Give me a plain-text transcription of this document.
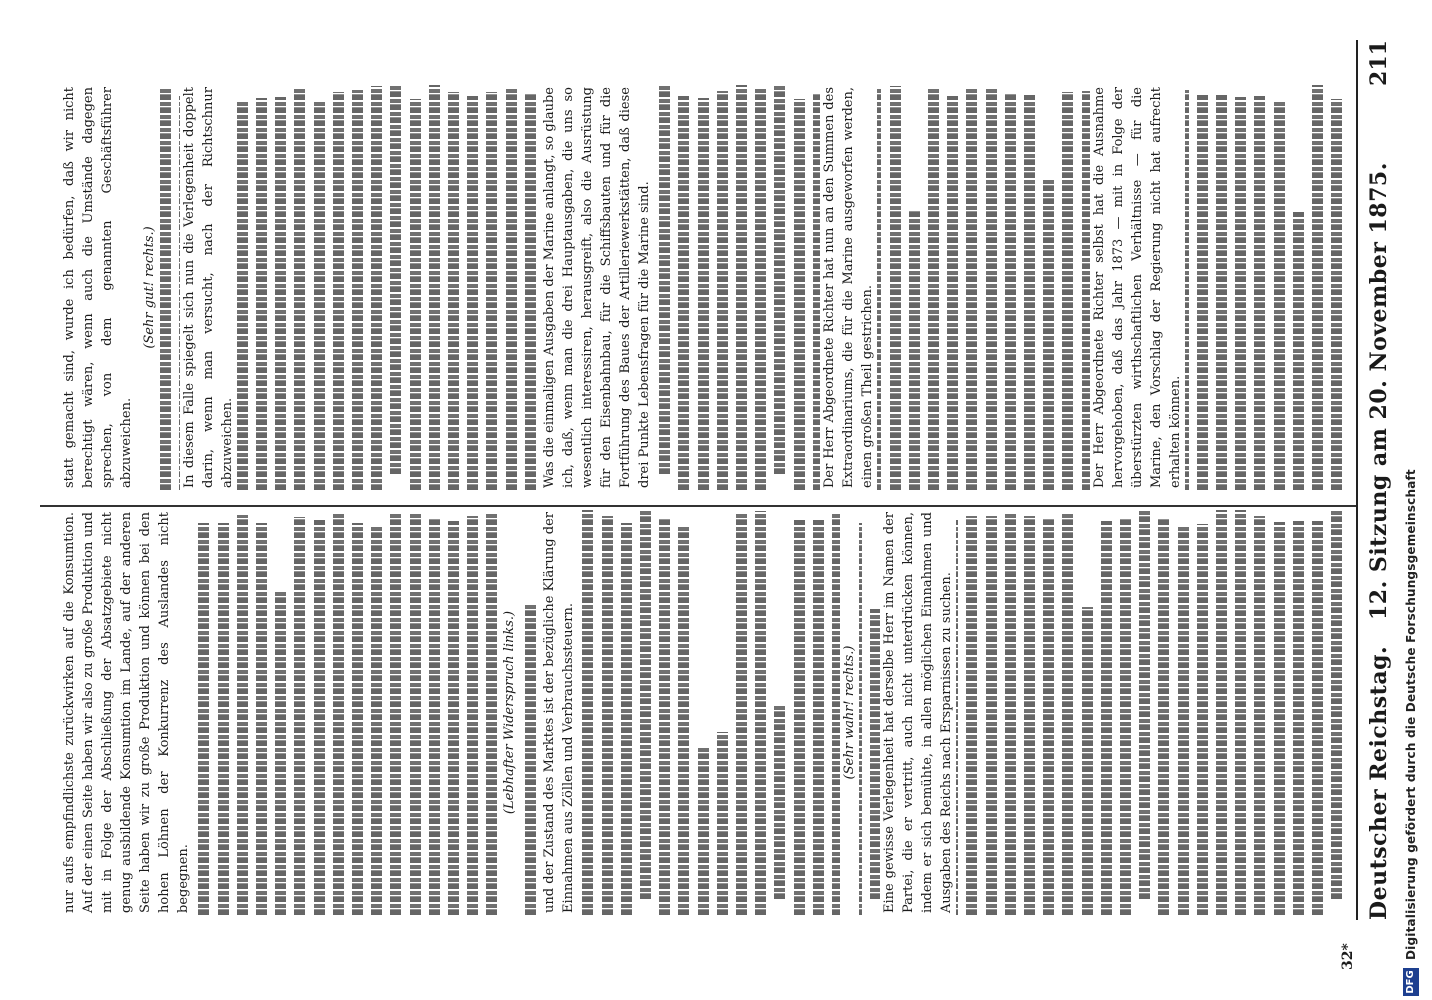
Deutscher Reichstag.
12. Sitzung am 20. November 1875.
211

nur aufs empfindlichste zurückwirken auf die Konsumtion. Auf der einen Seite haben wir also zu große Produktion und mit in Folge der Abschließung der Absatzgebiete nicht genug ausbildende Konsumtion im Lande, auf der anderen Seite haben wir zu große Produktion und können bei den hohen Löhnen der Konkurrenz des Auslandes nicht begegnen.

(Lebhafter Widerspruch links.) und der Zustand des Marktes ist der bezügliche Klärung der Einnahmen aus Zöllen und Verbrauchssteuern.	(Sehr wahr! rechts.) Eine gewisse Verlegenheit hat derselbe Herr im Namen der Partei, die er vertritt, auch nicht unterdrücken können, indem er sich bemühte, in allen möglichen Einnahmen und Ausgaben des Reichs nach Ersparnissen zu suchen.

statt gemacht sind, wurde ich bedürfen, daß wir nicht berechtigt wären, wenn auch die Umstände dagegen sprechen, von dem genannten Geschäftsführer abzuweichen.

(Sehr gut! rechts.) In diesem Falle spiegelt sich nun die Verlegenheit doppelt darin, wenn man versucht, nach der Richtschnur abzuweichen.	Was die einmaligen Ausgaben der Marine anlangt, so glaube ich, daß, wenn man die drei Hauptausgaben, die uns so wesentlich interessiren, herausgreift, also die Ausrüstung für den Eisenbahnbau, für die Schiffsbauten und für die Fortführung des Baues der Artilleriewerkstätten, daß diese drei Punkte Lebensfragen für die Marine sind.	Der Herr Abgeordnete Richter hat nun an den Summen des Extraordinariums, die für die Marine ausgeworfen werden, einen großen Theil gestrichen.	Der Herr Abgeordnete Richter selbst hat die Ausnahme hervorgehoben, daß das Jahr 1873 — mit in Folge der überstürzten wirthschaftlichen Verhältnisse — für die Marine, den Vorschlag der Regierung nicht hat aufrecht erhalten können.

32*
DFG
Digitalisierung gefördert durch die Deutsche Forschungsgemeinschaft
